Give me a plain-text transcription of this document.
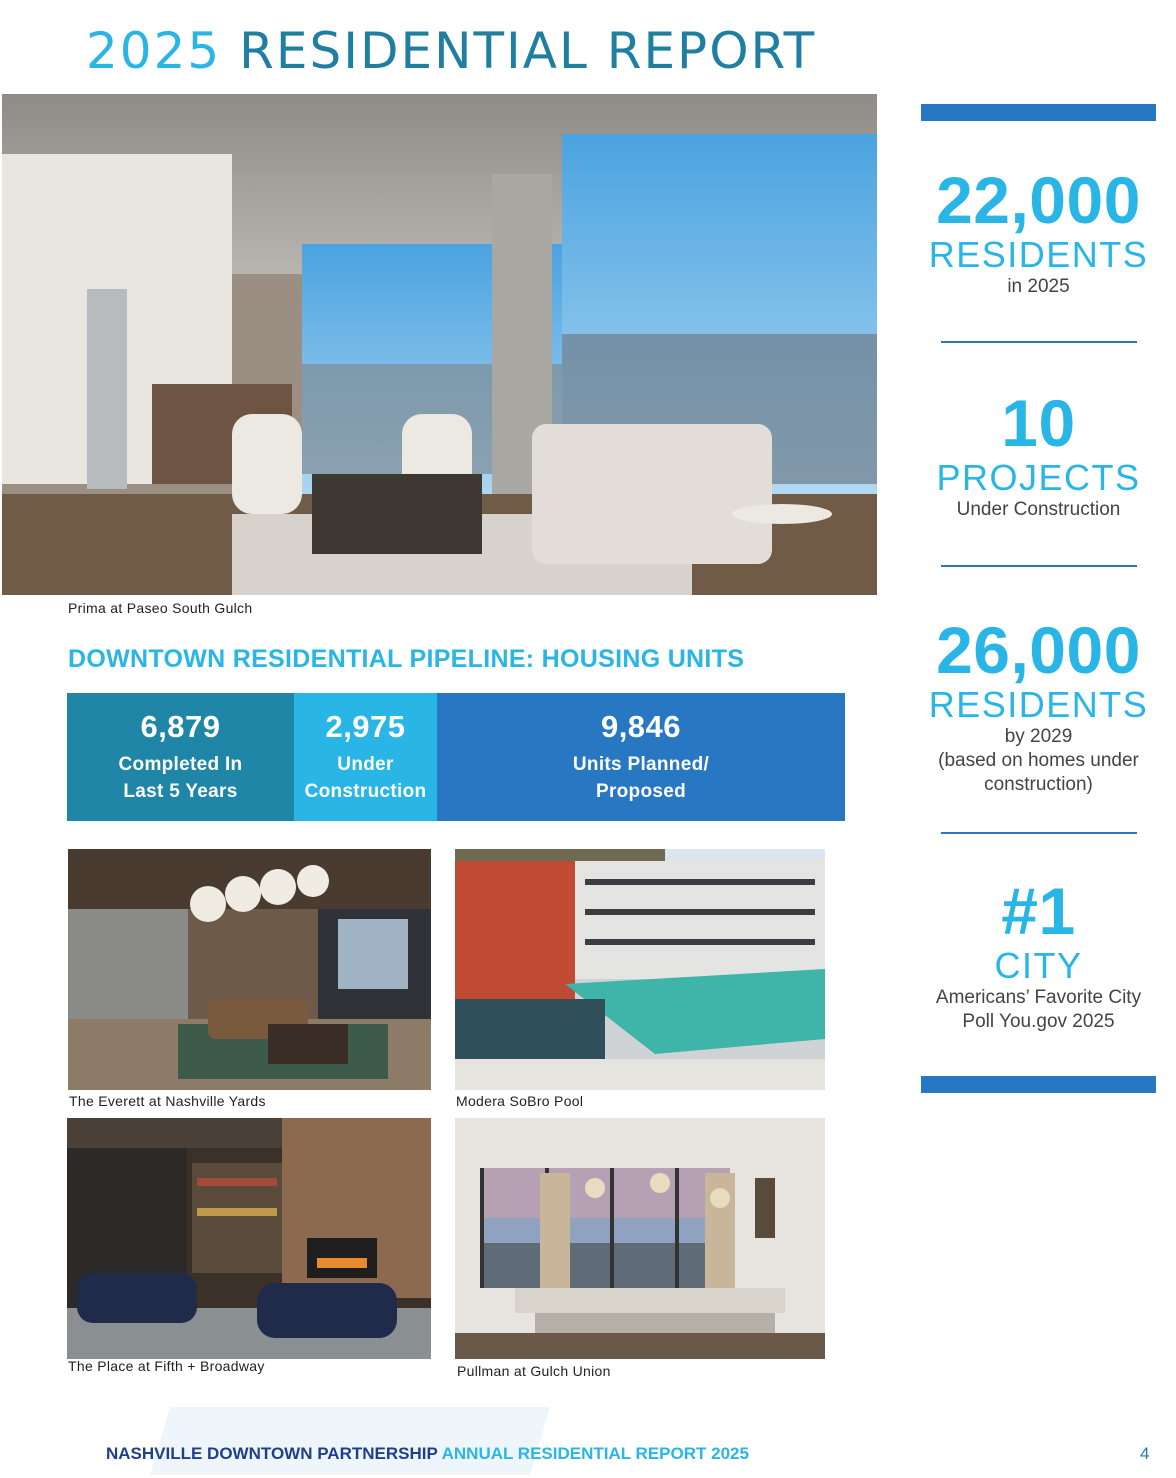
2025 RESIDENTIAL REPORT
Prima at Paseo South Gulch
DOWNTOWN RESIDENTIAL PIPELINE: HOUSING UNITS
6,879
Completed In
Last 5 Years
2,975
Under
Construction
9,846
Units Planned/
Proposed
The Everett at Nashville Yards	Modera SoBro Pool
The Place at Fifth + Broadway	Pullman at Gulch Union
22,000
RESIDENTS
in 2025
10
PROJECTS
Under Construction
26,000
RESIDENTS
by 2029
(based on homes under
construction)
#1
CITY
Americans’ Favorite City
Poll You.gov 2025
NASHVILLE DOWNTOWN PARTNERSHIP ANNUAL RESIDENTIAL REPORT 2025	4
